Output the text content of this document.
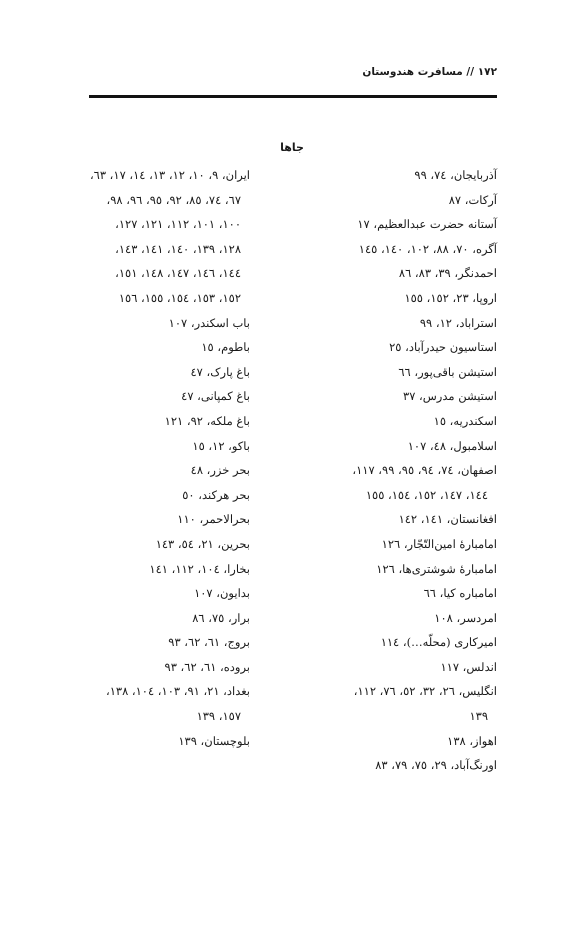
۱۷۲ // مسافرت هندوستان
جاها
آذربایجان، ۷٤، ۹۹
آرکات، ۸۷
آستانه حضرت عبدالعظیم، ۱۷
آگره، ۷۰، ۸۸، ۱۰۲، ۱٤۰، ۱٤٥
احمدنگر، ۳۹، ۸۳، ۸٦
اروپا، ۲۳، ۱٥۲، ۱٥٥
استراباد، ۱۲، ۹۹
استاسیون حیدرآباد، ۲٥
استیشن باقی‌پور، ٦٦
استیشن مدرس، ۳۷
اسکندریه، ۱٥
اسلامبول، ٤۸، ۱۰۷
اصفهان، ۷٤، ۹٤، ۹٥، ۹۹، ۱۱۷،
۱٤٤، ۱٤۷، ۱٥۲، ۱٥٤، ۱٥٥
افغانستان، ۱٤۱، ۱٤۲
امامبارهٔ امین‌التّجّار، ۱۲٦
امامبارهٔ شوشتری‌ها، ۱۲٦
امامباره کیا، ٦٦
امردسر، ۱۰۸
امیرکاری (محلّه…)، ۱۱٤
اندلس، ۱۱۷
انگلیس، ۲٦، ۳۲، ٥۲، ۷٦، ۱۱۲،
۱۳۹
اهواز، ۱۳۸
اورنگ‌آباد، ۲۹، ۷٥، ۷۹، ۸۳
ایران، ۹، ۱۰، ۱۲، ۱۳، ۱٤، ۱۷، ٦۳،
٦۷، ۷٤، ۸٥، ۹۲، ۹٥، ۹٦، ۹۸،
۱۰۰، ۱۰۱، ۱۱۲، ۱۲۱، ۱۲۷،
۱۲۸، ۱۳۹، ۱٤۰، ۱٤۱، ۱٤۳،
۱٤٤، ۱٤٦، ۱٤۷، ۱٤۸، ۱٥۱،
۱٥۲، ۱٥۳، ۱٥٤، ۱٥٥، ۱٥٦
باب اسکندر، ۱۰۷
باطوم، ۱٥
باغ پارک، ٤۷
باغ کمپانی، ٤۷
باغ ملکه، ۹۲، ۱۲۱
باکو، ۱۲، ۱٥
بحر خزر، ٤۸
بحر هرکند، ٥۰
بحرالاحمر، ۱۱۰
بحرین، ۲۱، ٥٤، ۱٤۳
بخارا، ۱۰٤، ۱۱۲، ۱٤۱
بدایون، ۱۰۷
برار، ۷٥، ۸٦
بروج، ٦۱، ٦۲، ۹۳
بروده، ٦۱، ٦۲، ۹۳
بغداد، ۲۱، ۹۱، ۱۰۳، ۱۰٤، ۱۳۸،
۱٥۷، ۱۳۹
بلوچستان، ۱۳۹
